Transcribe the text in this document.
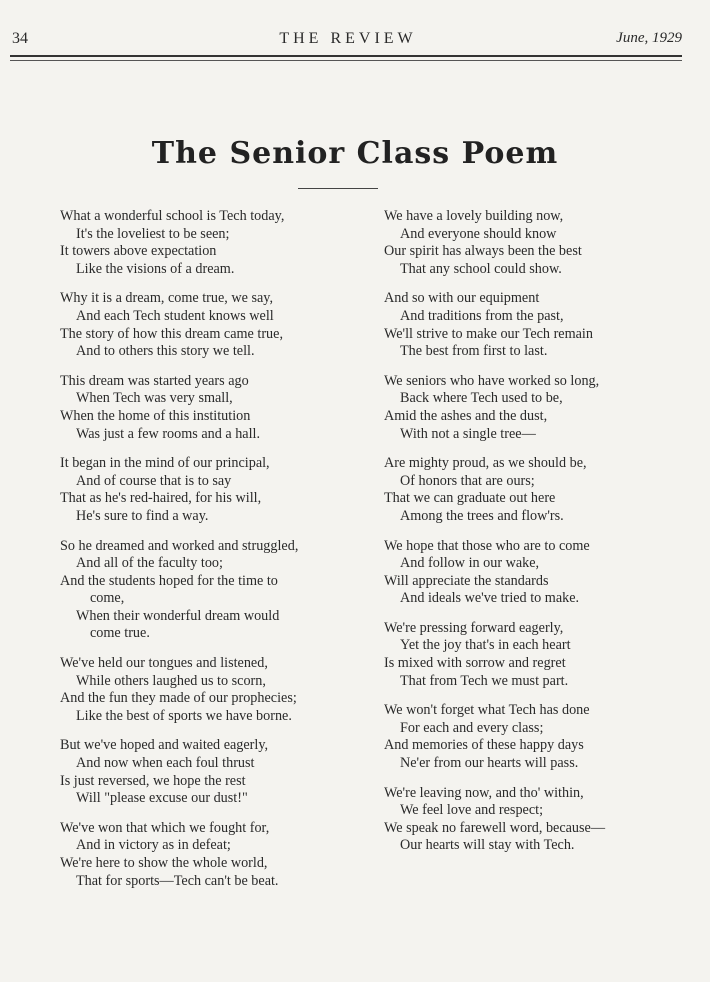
34	THE REVIEW	June, 1929
The Senior Class Poem
What a wonderful school is Tech today,
It's the loveliest to be seen;
It towers above expectation
Like the visions of a dream.
Why it is a dream, come true, we say,
And each Tech student knows well
The story of how this dream came true,
And to others this story we tell.
This dream was started years ago
When Tech was very small,
When the home of this institution
Was just a few rooms and a hall.
It began in the mind of our principal,
And of course that is to say
That as he's red-haired, for his will,
He's sure to find a way.
So he dreamed and worked and struggled,
And all of the faculty too;
And the students hoped for the time to
come,
When their wonderful dream would
come true.
We've held our tongues and listened,
While others laughed us to scorn,
And the fun they made of our prophecies;
Like the best of sports we have borne.
But we've hoped and waited eagerly,
And now when each foul thrust
Is just reversed, we hope the rest
Will "please excuse our dust!"
We've won that which we fought for,
And in victory as in defeat;
We're here to show the whole world,
That for sports—Tech can't be beat.
We have a lovely building now,
And everyone should know
Our spirit has always been the best
That any school could show.
And so with our equipment
And traditions from the past,
We'll strive to make our Tech remain
The best from first to last.
We seniors who have worked so long,
Back where Tech used to be,
Amid the ashes and the dust,
With not a single tree—
Are mighty proud, as we should be,
Of honors that are ours;
That we can graduate out here
Among the trees and flow'rs.
We hope that those who are to come
And follow in our wake,
Will appreciate the standards
And ideals we've tried to make.
We're pressing forward eagerly,
Yet the joy that's in each heart
Is mixed with sorrow and regret
That from Tech we must part.
We won't forget what Tech has done
For each and every class;
And memories of these happy days
Ne'er from our hearts will pass.
We're leaving now, and tho' within,
We feel love and respect;
We speak no farewell word, because—
Our hearts will stay with Tech.
